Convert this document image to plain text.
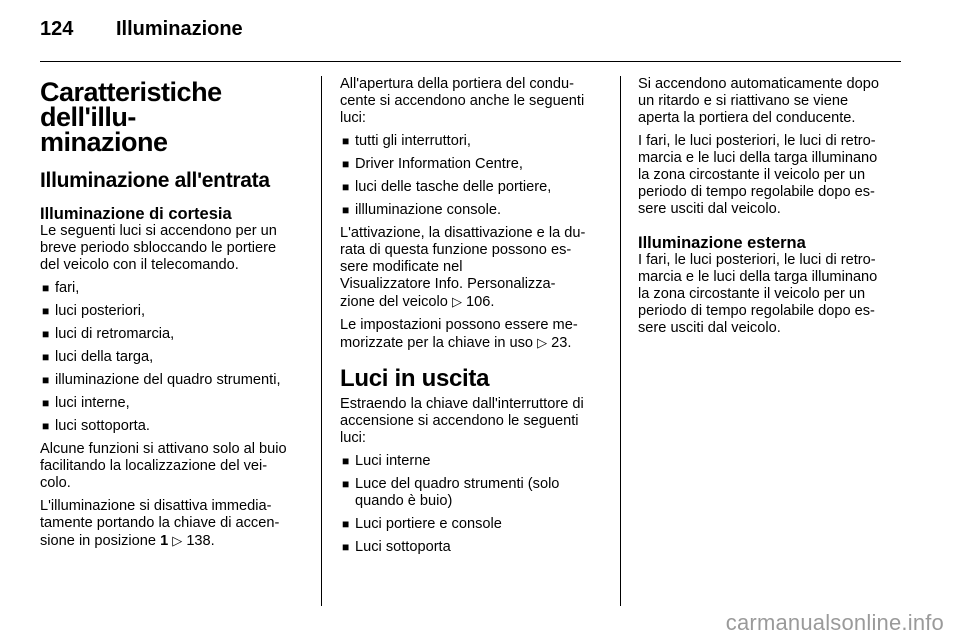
124 Illuminazione
Caratteristiche dell'illu-
minazione
Illuminazione all'entrata
Illuminazione di cortesia

Le seguenti luci si accendono per un
breve periodo sbloccando le portiere
del veicolo con il telecomando.

■ fari,
■ luci posteriori,
■ luci di retromarcia,
■ luci della targa,
■ illuminazione del quadro strumenti,
■ luci interne,
■ luci sottoporta.

Alcune funzioni si attivano solo al buio
facilitando la localizzazione del vei-
colo.

L'illuminazione si disattiva immedia-
tamente portando la chiave di accen-
sione in posizione 1 ▷ 138.

All'apertura della portiera del condu-
cente si accendono anche le seguenti
luci:

■ tutti gli interruttori,
■ Driver Information Centre,
■ luci delle tasche delle portiere,
■ illluminazione console.

L'attivazione, la disattivazione e la du-
rata di questa funzione possono es-
sere modificate nel
Visualizzatore Info. Personalizza-
zione del veicolo ▷ 106.

Le impostazioni possono essere me-
morizzate per la chiave in uso ▷ 23.

Luci in uscita

Estraendo la chiave dall'interruttore di
accensione si accendono le seguenti
luci:

■ Luci interne
■ Luce del quadro strumenti (solo
quando è buio)
■ Luci portiere e console
■ Luci sottoporta

Si accendono automaticamente dopo
un ritardo e si riattivano se viene
aperta la portiera del conducente.

I fari, le luci posteriori, le luci di retro-
marcia e le luci della targa illuminano
la zona circostante il veicolo per un
periodo di tempo regolabile dopo es-
sere usciti dal veicolo.

Illuminazione esterna

I fari, le luci posteriori, le luci di retro-
marcia e le luci della targa illuminano
la zona circostante il veicolo per un
periodo di tempo regolabile dopo es-
sere usciti dal veicolo.

carmanualsonline.info
